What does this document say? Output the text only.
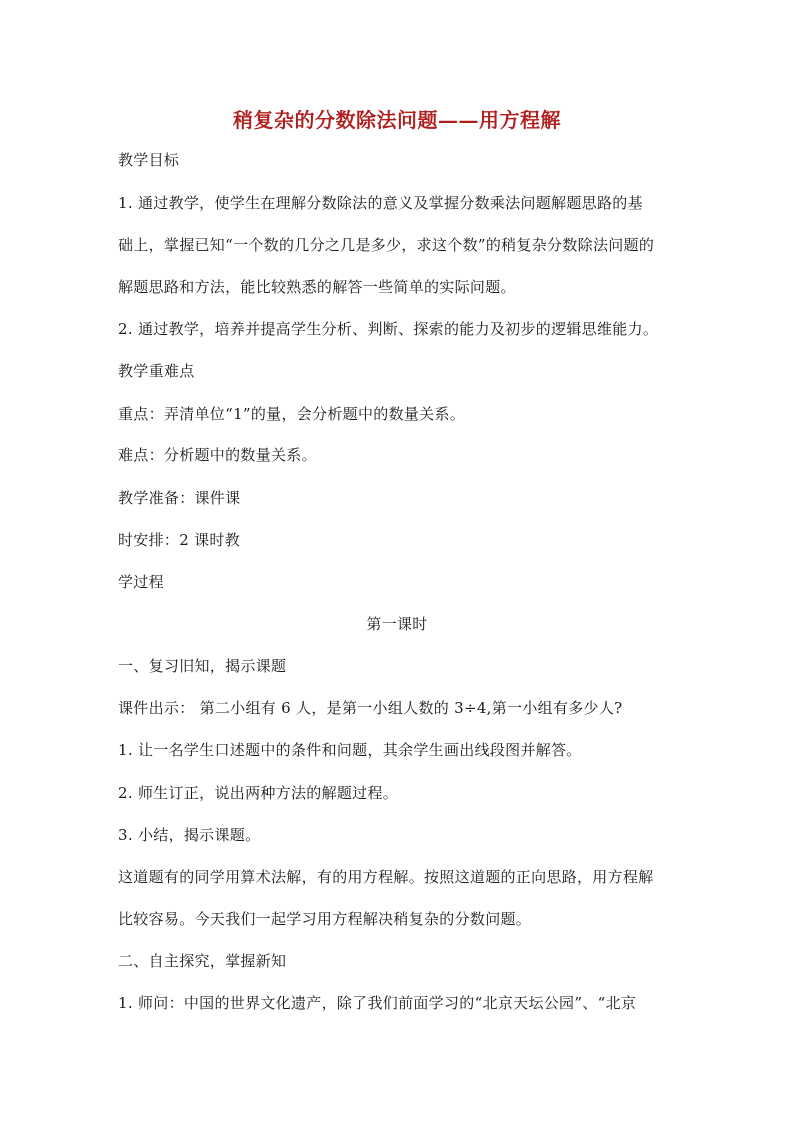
稍复杂的分数除法问题——用方程解
教学目标
1. 通过教学，使学生在理解分数除法的意义及掌握分数乘法问题解题思路的基
础上，掌握已知“一个数的几分之几是多少，求这个数”的稍复杂分数除法问题的
解题思路和方法，能比较熟悉的解答一些简单的实际问题。
2. 通过教学，培养并提高学生分析、判断、探索的能力及初步的逻辑思维能力。
教学重难点
重点：弄清单位“1”的量，会分析题中的数量关系。
难点：分析题中的数量关系。
教学准备：课件课
时安排：2 课时教
学过程
第一课时
一、复习旧知，揭示课题
课件出示： 第二小组有 6 人，是第一小组人数的 3÷4,第一小组有多少人?
1. 让一名学生口述题中的条件和问题，其余学生画出线段图并解答。
2. 师生订正，说出两种方法的解题过程。
3. 小结，揭示课题。
这道题有的同学用算术法解，有的用方程解。按照这道题的正向思路，用方程解
比较容易。今天我们一起学习用方程解决稍复杂的分数问题。
二、自主探究，掌握新知
1. 师问：中国的世界文化遗产，除了我们前面学习的“北京天坛公园”、“北京
